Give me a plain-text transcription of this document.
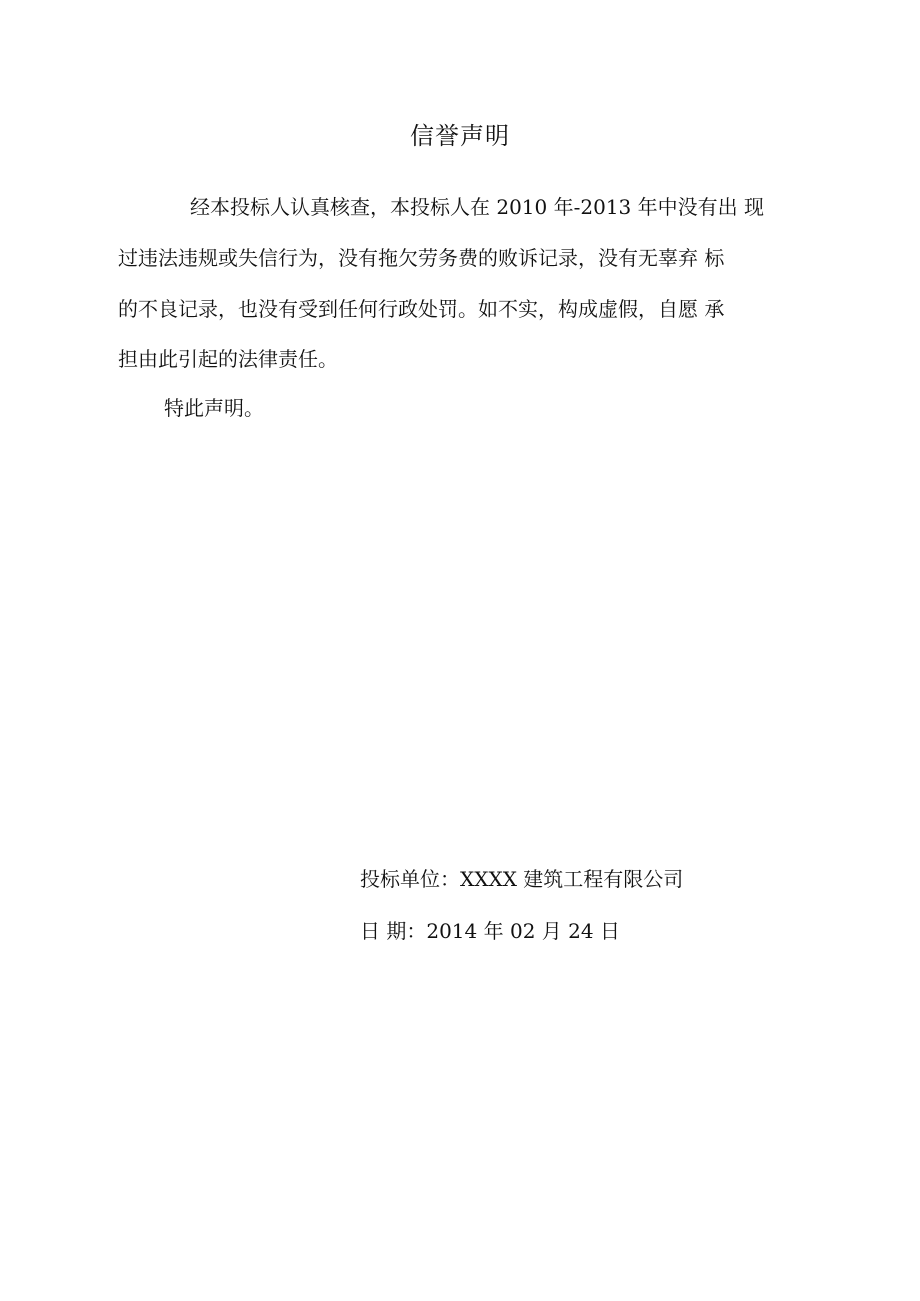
信誉声明
经本投标人认真核查，本投标人在 2010 年-2013 年中没有出 现
过违法违规或失信行为，没有拖欠劳务费的败诉记录，没有无辜弃 标
的不良记录，也没有受到任何行政处罚。如不实，构成虚假，自愿 承
担由此引起的法律责任。
特此声明。
投标单位：XXXX 建筑工程有限公司
日 期：2014 年 02 月 24 日
